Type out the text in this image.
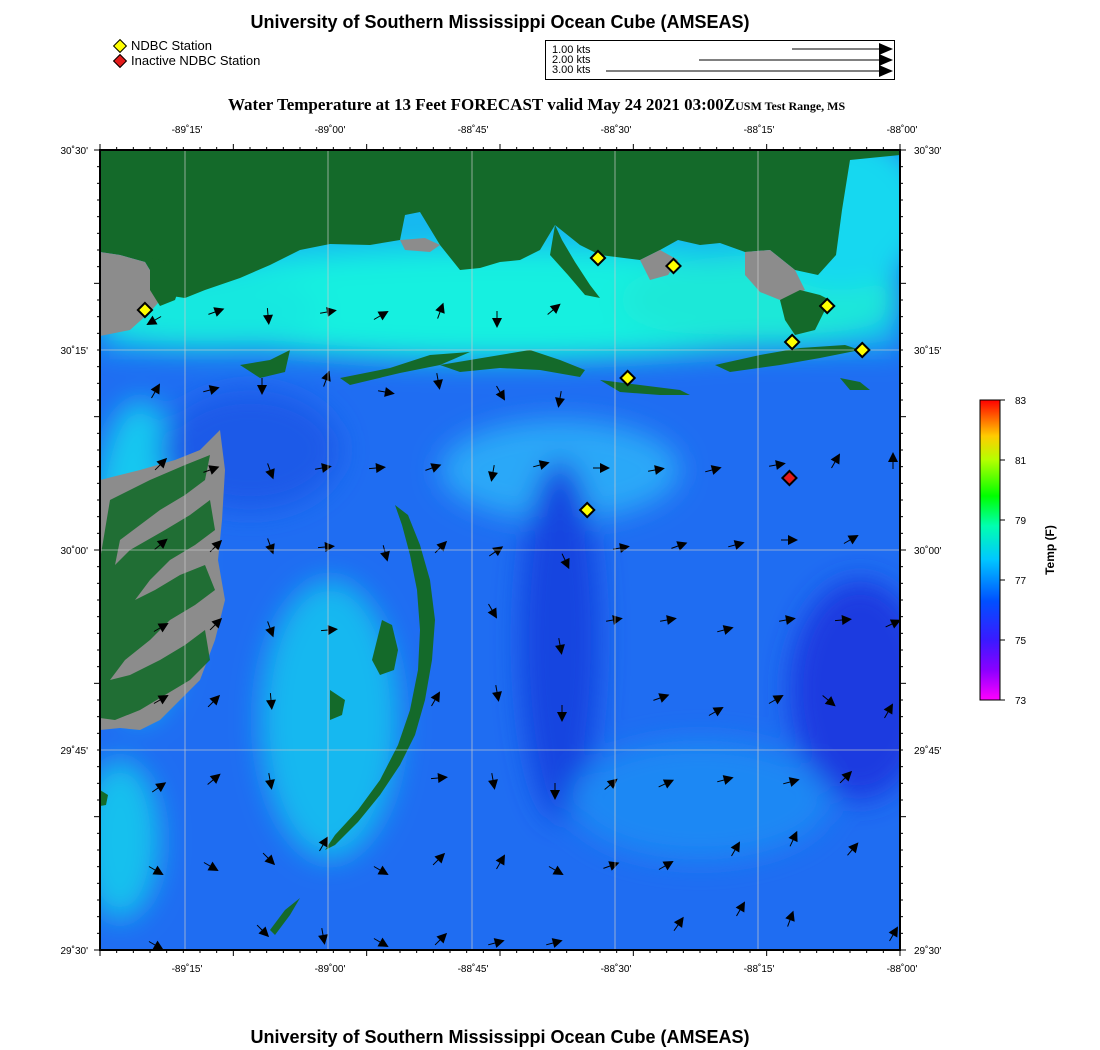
University of Southern Mississippi Ocean Cube (AMSEAS)
NDBC Station
Inactive NDBC Station
1.00 kts
2.00 kts
3.00 kts
Water Temperature at 13 Feet FORECAST valid May 24 2021 03:00ZUSM Test Range, MS
-89˚15'	-89˚00'	-88˚45'	-88˚30'	-88˚15'	-88˚00'
-89˚15'	-89˚00'	-88˚45'	-88˚30'	-88˚15'	-88˚00'
30˚30'
30˚15'
30˚00'
29˚45'
29˚30'
30˚30'
30˚15'
30˚00'
29˚45'
29˚30'
83
81
79
77
75
73
Temp (F)
University of Southern Mississippi Ocean Cube (AMSEAS)
